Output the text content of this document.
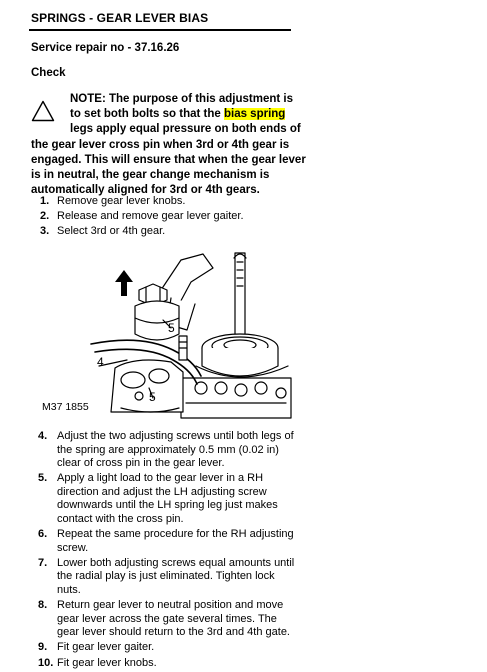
SPRINGS - GEAR LEVER BIAS
Service repair no - 37.16.26
Check
NOTE: The purpose of this adjustment is
to set both bolts so that the bias spring
legs apply equal pressure on both ends of
the gear lever cross pin when 3rd or 4th gear is
engaged. This will ensure that when the gear lever
is in neutral, the gear change mechanism is
automatically aligned for 3rd or 4th gears.
1. Remove gear lever knobs.
2. Release and remove gear lever gaiter.
3. Select 3rd or 4th gear.
5
4
5
M37 1855
4. Adjust the two adjusting screws until both legs of
the spring are approximately 0.5 mm (0.02 in)
clear of cross pin in the gear lever.
5. Apply a light load to the gear lever in a RH
direction and adjust the LH adjusting screw
downwards until the LH spring leg just makes
contact with the cross pin.
6. Repeat the same procedure for the RH adjusting
screw.
7. Lower both adjusting screws equal amounts until
the radial play is just eliminated. Tighten lock
nuts.
8. Return gear lever to neutral position and move
gear lever across the gate several times. The
gear lever should return to the 3rd and 4th gate.
9. Fit gear lever gaiter.
10. Fit gear lever knobs.
